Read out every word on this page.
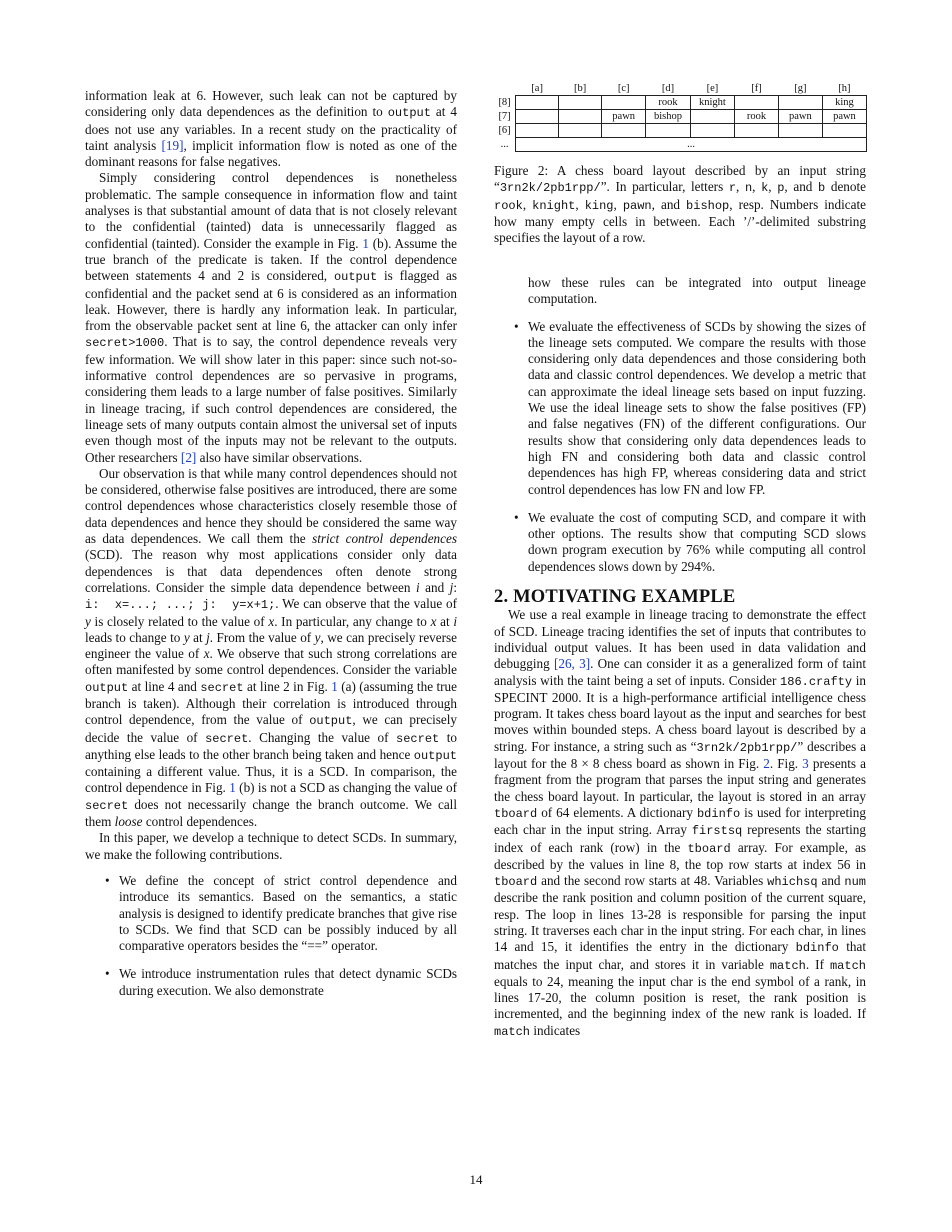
information leak at 6. However, such leak can not be captured by considering only data dependences as the definition to output at 4 does not use any variables. In a recent study on the practicality of taint analysis [19], implicit information flow is noted as one of the dominant reasons for false negatives.

Simply considering control dependences is nonetheless problematic. The sample consequence in information flow and taint analyses is that substantial amount of data that is not closely relevant to the confidential (tainted) data is unnecessarily flagged as confidential (tainted). Consider the example in Fig. 1 (b). Assume the true branch of the predicate is taken. If the control dependence between statements 4 and 2 is considered, output is flagged as confidential and the packet send at 6 is considered as an information leak. However, there is hardly any information leak. In particular, from the observable packet sent at line 6, the attacker can only infer secret>1000. That is to say, the control dependence reveals very few information. We will show later in this paper: since such not-so-informative control dependences are so pervasive in programs, considering them leads to a large number of false positives. Similarly in lineage tracing, if such control dependences are considered, the lineage sets of many outputs contain almost the universal set of inputs even though most of the inputs may not be relevant to the outputs. Other researchers [2] also have similar observations.

Our observation is that while many control dependences should not be considered, otherwise false positives are introduced, there are some control dependences whose characteristics closely resemble those of data dependences and hence they should be considered the same way as data dependences. We call them the strict control dependences (SCD). The reason why most applications consider only data dependences is that data dependences often denote strong correlations. Consider the simple data dependence between i and j: i:  x=...; ...; j:  y=x+1;. We can observe that the value of y is closely related to the value of x. In particular, any change to x at i leads to change to y at j. From the value of y, we can precisely reverse engineer the value of x. We observe that such strong correlations are often manifested by some control dependences. Consider the variable output at line 4 and secret at line 2 in Fig. 1 (a) (assuming the true branch is taken). Although their correlation is introduced through control dependence, from the value of output, we can precisely decide the value of secret. Changing the value of secret to anything else leads to the other branch being taken and hence output containing a different value. Thus, it is a SCD. In comparison, the control dependence in Fig. 1 (b) is not a SCD as changing the value of secret does not necessarily change the branch outcome. We call them loose control dependences.

In this paper, we develop a technique to detect SCDs. In summary, we make the following contributions.

• We define the concept of strict control dependence and introduce its semantics. Based on the semantics, a static analysis is designed to identify predicate branches that give rise to SCDs. We find that SCD can be possibly induced by all comparative operators besides the “==” operator.
• We introduce instrumentation rules that detect dynamic SCDs during execution. We also demonstrate
	[a]	[b]	[c]	[d]	[e]	[f]	[g]	[h]
[8]				rook	knight			king
[7]			pawn	bishop		rook	pawn	pawn
[6]								
...	...							
Figure 2: A chess board layout described by an input string “3rn2k/2pb1rpp/”. In particular, letters r, n, k, p, and b denote rook, knight, king, pawn, and bishop, resp. Numbers indicate how many empty cells in between. Each ’/’-delimited substring specifies the layout of a row.
how these rules can be integrated into output lineage computation.
• We evaluate the effectiveness of SCDs by showing the sizes of the lineage sets computed. We compare the results with those considering only data dependences and those considering both data and classic control dependences. We develop a metric that can approximate the ideal lineage sets based on input fuzzing. We use the ideal lineage sets to show the false positives (FP) and false negatives (FN) of the different configurations. Our results show that considering only data dependences leads to high FN and considering both data and classic control dependences has high FP, whereas considering data and strict control dependences has low FN and low FP.
• We evaluate the cost of computing SCD, and compare it with other options. The results show that computing SCD slows down program execution by 76% while computing all control dependences slows down by 294%.
2. MOTIVATING EXAMPLE

We use a real example in lineage tracing to demonstrate the effect of SCD. Lineage tracing identifies the set of inputs that contributes to individual output values. It has been used in data validation and debugging [26, 3]. One can consider it as a generalized form of taint analysis with the taint being a set of inputs. Consider 186.crafty in SPECINT 2000. It is a high-performance artificial intelligence chess program. It takes chess board layout as the input and searches for best moves within bounded steps. A chess board layout is described by a string. For instance, a string such as “3rn2k/2pb1rpp/” describes a layout for the 8 × 8 chess board as shown in Fig. 2. Fig. 3 presents a fragment from the program that parses the input string and generates the chess board layout. In particular, the layout is stored in an array tboard of 64 elements. A dictionary bdinfo is used for interpreting each char in the input string. Array firstsq represents the starting index of each rank (row) in the tboard array. For example, as described by the values in line 8, the top row starts at index 56 in tboard and the second row starts at 48. Variables whichsq and num describe the rank position and column position of the current square, resp. The loop in lines 13-28 is responsible for parsing the input string. It traverses each char in the input string. For each char, in lines 14 and 15, it identifies the entry in the dictionary bdinfo that matches the input char, and stores it in variable match. If match equals to 24, meaning the input char is the end symbol of a rank, in lines 17-20, the column position is reset, the rank position is incremented, and the beginning index of the new rank is loaded. If match indicates

14
